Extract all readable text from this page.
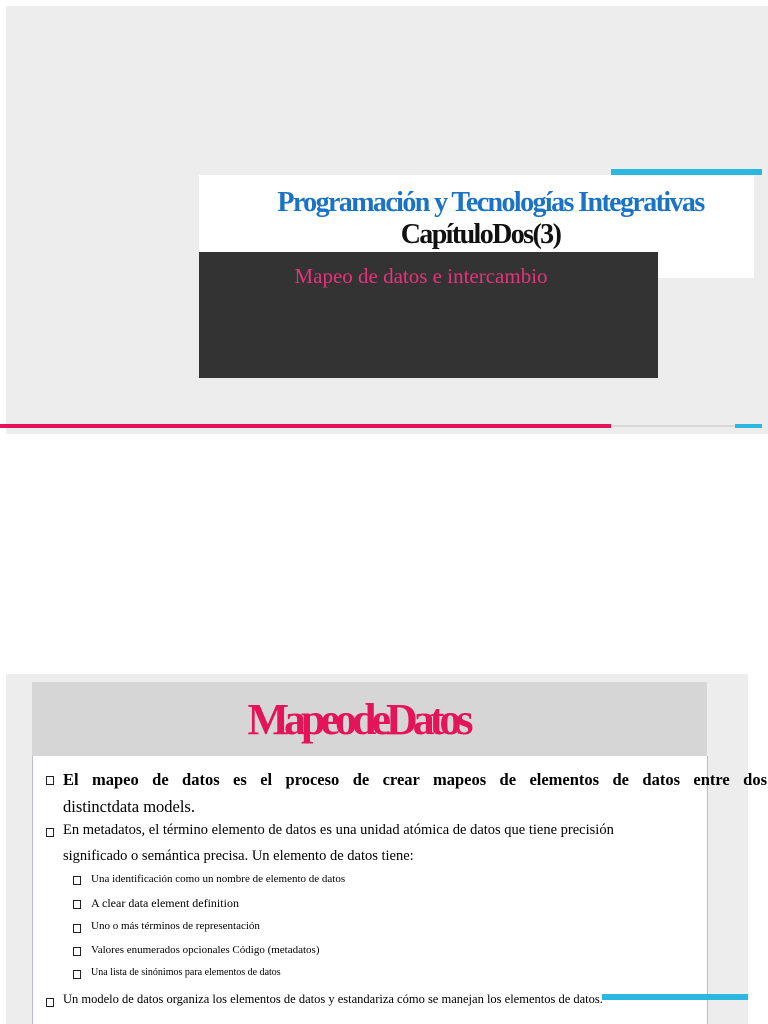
Programación y Tecnologías Integrativas
CapítuloDos(3)
Mapeo de datos e intercambio
MapeodeDatos
El mapeo de datos es el proceso de crear mapeos de elementos de datos entre dos
distinctdata models.
En metadatos, el término elemento de datos es una unidad atómica de datos que tiene precisión
significado o semántica precisa. Un elemento de datos tiene:
Una identificación como un nombre de elemento de datos
A clear data element definition
Uno o más términos de representación
Valores enumerados opcionales Código (metadatos)
Una lista de sinónimos para elementos de datos
Un modelo de datos organiza los elementos de datos y estandariza cómo se manejan los elementos de datos.
